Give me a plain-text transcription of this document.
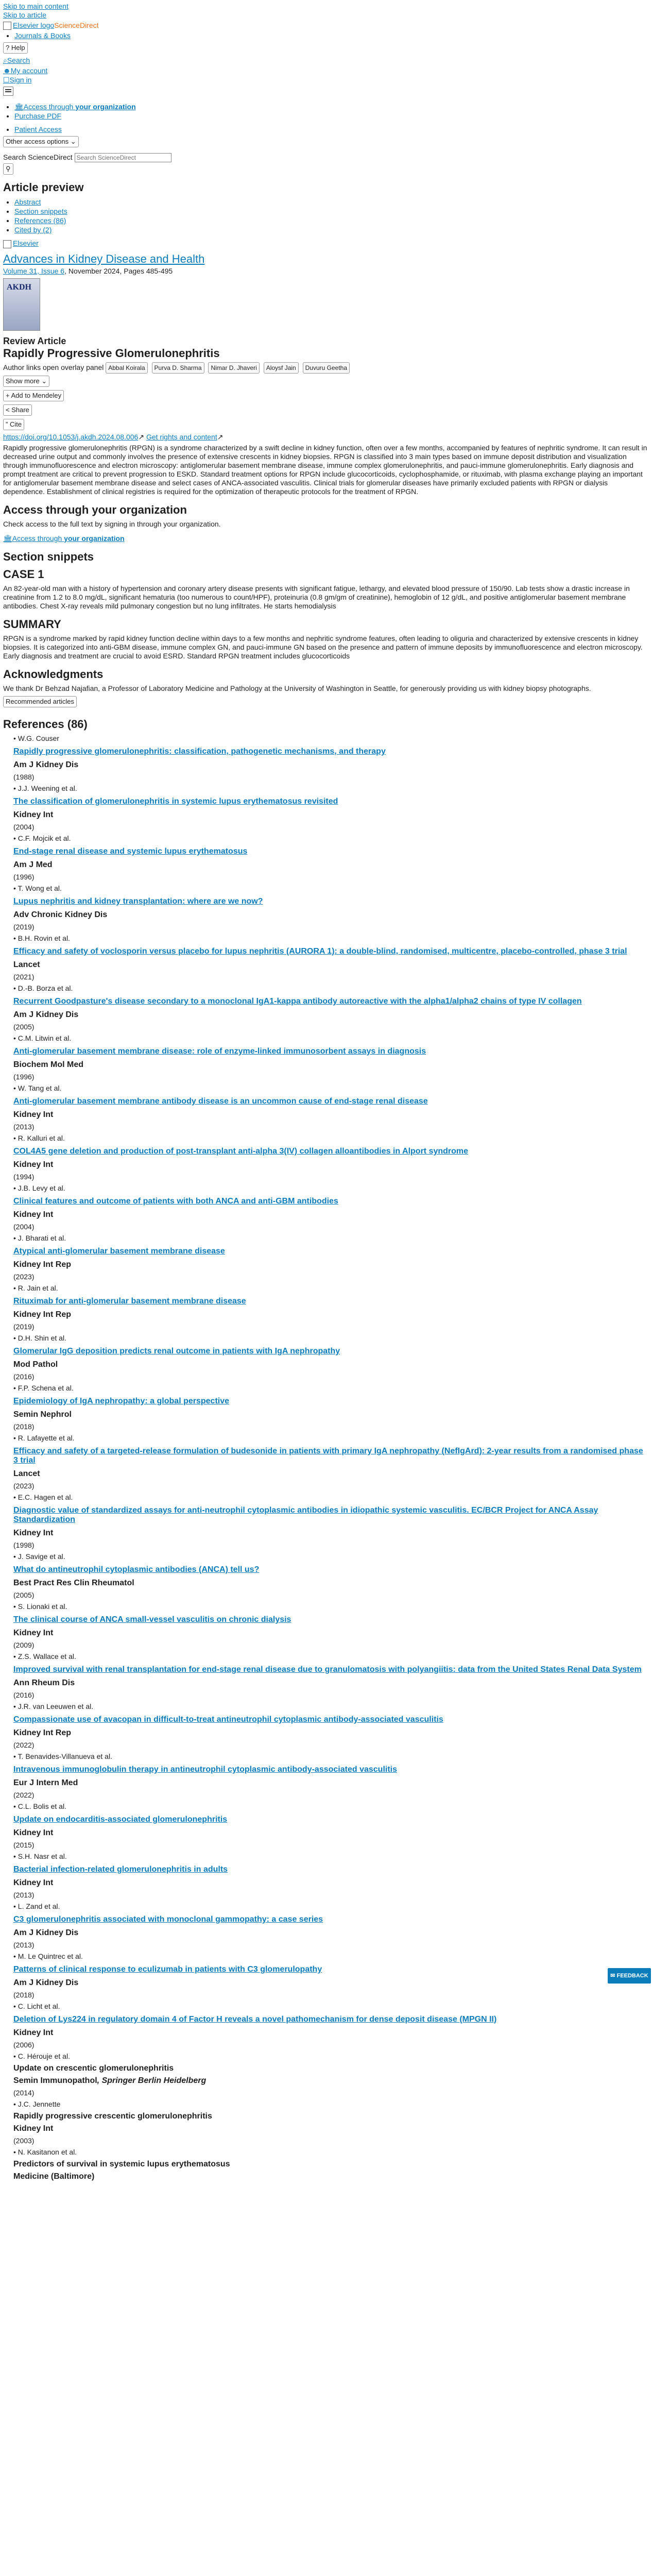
Skip to main content
Skip to article
Elsevier logoScienceDirect
• Journals & Books
? Help
⌕Search
☻My account
☐Sign in
• 🏛Access through your organization
• Purchase PDF
• Patient Access
Other access options ⌄
Search ScienceDirect Search ScienceDirect
⚲
Article preview
• Abstract
• Section snippets
• References (86)
• Cited by (2)
Elsevier
Advances in Kidney Disease and Health
Volume 31, Issue 6, November 2024, Pages 485-495
AKDH
Review Article
Rapidly Progressive Glomerulonephritis
Author links open overlay panel Abbal Koirala Purva D. Sharma Nimar D. Jhaveri Aloysf Jain Duvuru Geetha
Show more ⌄
+ Add to Mendeley
< Share
” Cite
https://doi.org/10.1053/j.akdh.2024.08.006↗ Get rights and content↗
Rapidly progressive glomerulonephritis (RPGN) is a syndrome characterized by a swift decline in kidney function, often over a few months, accompanied by features of nephritic syndrome. It can result in decreased urine output and commonly involves the presence of extensive crescents in kidney biopsies. RPGN is classified into 3 main types based on immune deposit distribution and visualization through immunofluorescence and electron microscopy: antiglomerular basement membrane disease, immune complex glomerulonephritis, and pauci-immune glomerulonephritis. Early diagnosis and prompt treatment are critical to prevent progression to ESKD. Standard treatment options for RPGN include glucocorticoids, cyclophosphamide, or rituximab, with plasma exchange playing an important for antiglomerular basement membrane disease and select cases of ANCA-associated vasculitis. Clinical trials for glomerular diseases have primarily excluded patients with RPGN or dialysis dependence. Establishment of clinical registries is required for the optimization of therapeutic protocols for the treatment of RPGN.
Access through your organization

Check access to the full text by signing in through your organization.

🏛Access through your organization
Section snippets
CASE 1

An 82-year-old man with a history of hypertension and coronary artery disease presents with significant fatigue, lethargy, and elevated blood pressure of 150/90. Lab tests show a drastic increase in creatinine from 1.2 to 8.0 mg/dL, significant hematuria (too numerous to count/HPF), proteinuria (0.8 gm/gm of creatinine), hemoglobin of 12 g/dL, and positive antiglomerular basement membrane antibodies. Chest X-ray reveals mild pulmonary congestion but no lung infiltrates. He starts hemodialysis

SUMMARY

RPGN is a syndrome marked by rapid kidney function decline within days to a few months and nephritic syndrome features, often leading to oliguria and characterized by extensive crescents in kidney biopsies. It is categorized into anti-GBM disease, immune complex GN, and pauci-immune GN based on the presence and pattern of immune deposits by immunofluorescence and electron microscopy. Early diagnosis and treatment are crucial to avoid ESRD. Standard RPGN treatment includes glucocorticoids

Acknowledgments

We thank Dr Behzad Najafian, a Professor of Laboratory Medicine and Pathology at the University of Washington in Seattle, for generously providing us with kidney biopsy photographs.

Recommended articles
References (86)
• W.G. Couser
Rapidly progressive glomerulonephritis: classification, pathogenetic mechanisms, and therapy
Am J Kidney Dis
(1988)
• J.J. Weening et al.
The classification of glomerulonephritis in systemic lupus erythematosus revisited
Kidney Int
(2004)
• C.F. Mojcik et al.
End-stage renal disease and systemic lupus erythematosus
Am J Med
(1996)
• T. Wong et al.
Lupus nephritis and kidney transplantation: where are we now?
Adv Chronic Kidney Dis
(2019)
• B.H. Rovin et al.
Efficacy and safety of voclosporin versus placebo for lupus nephritis (AURORA 1): a double-blind, randomised, multicentre, placebo-controlled, phase 3 trial
Lancet
(2021)
• D.-B. Borza et al.
Recurrent Goodpasture's disease secondary to a monoclonal IgA1-kappa antibody autoreactive with the alpha1/alpha2 chains of type IV collagen
Am J Kidney Dis
(2005)
• C.M. Litwin et al.
Anti-glomerular basement membrane disease: role of enzyme-linked immunosorbent assays in diagnosis
Biochem Mol Med
(1996)
• W. Tang et al.
Anti-glomerular basement membrane antibody disease is an uncommon cause of end-stage renal disease
Kidney Int
(2013)
• R. Kalluri et al.
COL4A5 gene deletion and production of post-transplant anti-alpha 3(IV) collagen alloantibodies in Alport syndrome
Kidney Int
(1994)
• J.B. Levy et al.
Clinical features and outcome of patients with both ANCA and anti-GBM antibodies
Kidney Int
(2004)
• J. Bharati et al.
Atypical anti-glomerular basement membrane disease
Kidney Int Rep
(2023)
• R. Jain et al.
Rituximab for anti-glomerular basement membrane disease
Kidney Int Rep
(2019)
• D.H. Shin et al.
Glomerular IgG deposition predicts renal outcome in patients with IgA nephropathy
Mod Pathol
(2016)
• F.P. Schena et al.
Epidemiology of IgA nephropathy: a global perspective
Semin Nephrol
(2018)
• R. Lafayette et al.
Efficacy and safety of a targeted-release formulation of budesonide in patients with primary IgA nephropathy (NefIgArd): 2-year results from a randomised phase 3 trial
Lancet
(2023)
• E.C. Hagen et al.
Diagnostic value of standardized assays for anti-neutrophil cytoplasmic antibodies in idiopathic systemic vasculitis. EC/BCR Project for ANCA Assay Standardization
Kidney Int
(1998)
• J. Savige et al.
What do antineutrophil cytoplasmic antibodies (ANCA) tell us?
Best Pract Res Clin Rheumatol
(2005)
• S. Lionaki et al.
The clinical course of ANCA small-vessel vasculitis on chronic dialysis
Kidney Int
(2009)
• Z.S. Wallace et al.
Improved survival with renal transplantation for end-stage renal disease due to granulomatosis with polyangiitis: data from the United States Renal Data System
Ann Rheum Dis
(2016)
• J.R. van Leeuwen et al.
Compassionate use of avacopan in difficult-to-treat antineutrophil cytoplasmic antibody-associated vasculitis
Kidney Int Rep
(2022)
• T. Benavides-Villanueva et al.
Intravenous immunoglobulin therapy in antineutrophil cytoplasmic antibody-associated vasculitis
Eur J Intern Med
(2022)
• C.L. Bolis et al.
Update on endocarditis-associated glomerulonephritis
Kidney Int
(2015)
• S.H. Nasr et al.
Bacterial infection-related glomerulonephritis in adults
Kidney Int
(2013)
• L. Zand et al.
C3 glomerulonephritis associated with monoclonal gammopathy: a case series
Am J Kidney Dis
(2013)
• M. Le Quintrec et al.
Patterns of clinical response to eculizumab in patients with C3 glomerulopathy
Am J Kidney Dis
(2018)
• C. Licht et al.
Deletion of Lys224 in regulatory domain 4 of Factor H reveals a novel pathomechanism for dense deposit disease (MPGN II)
Kidney Int
(2006)
• C. Hérouje et al.
Update on crescentic glomerulonephritis
Semin Immunopathol, Springer Berlin Heidelberg
(2014)
• J.C. Jennette
Rapidly progressive crescentic glomerulonephritis
Kidney Int
(2003)
• N. Kasitanon et al.
Predictors of survival in systemic lupus erythematosus
Medicine (Baltimore)
✉ FEEDBACK
